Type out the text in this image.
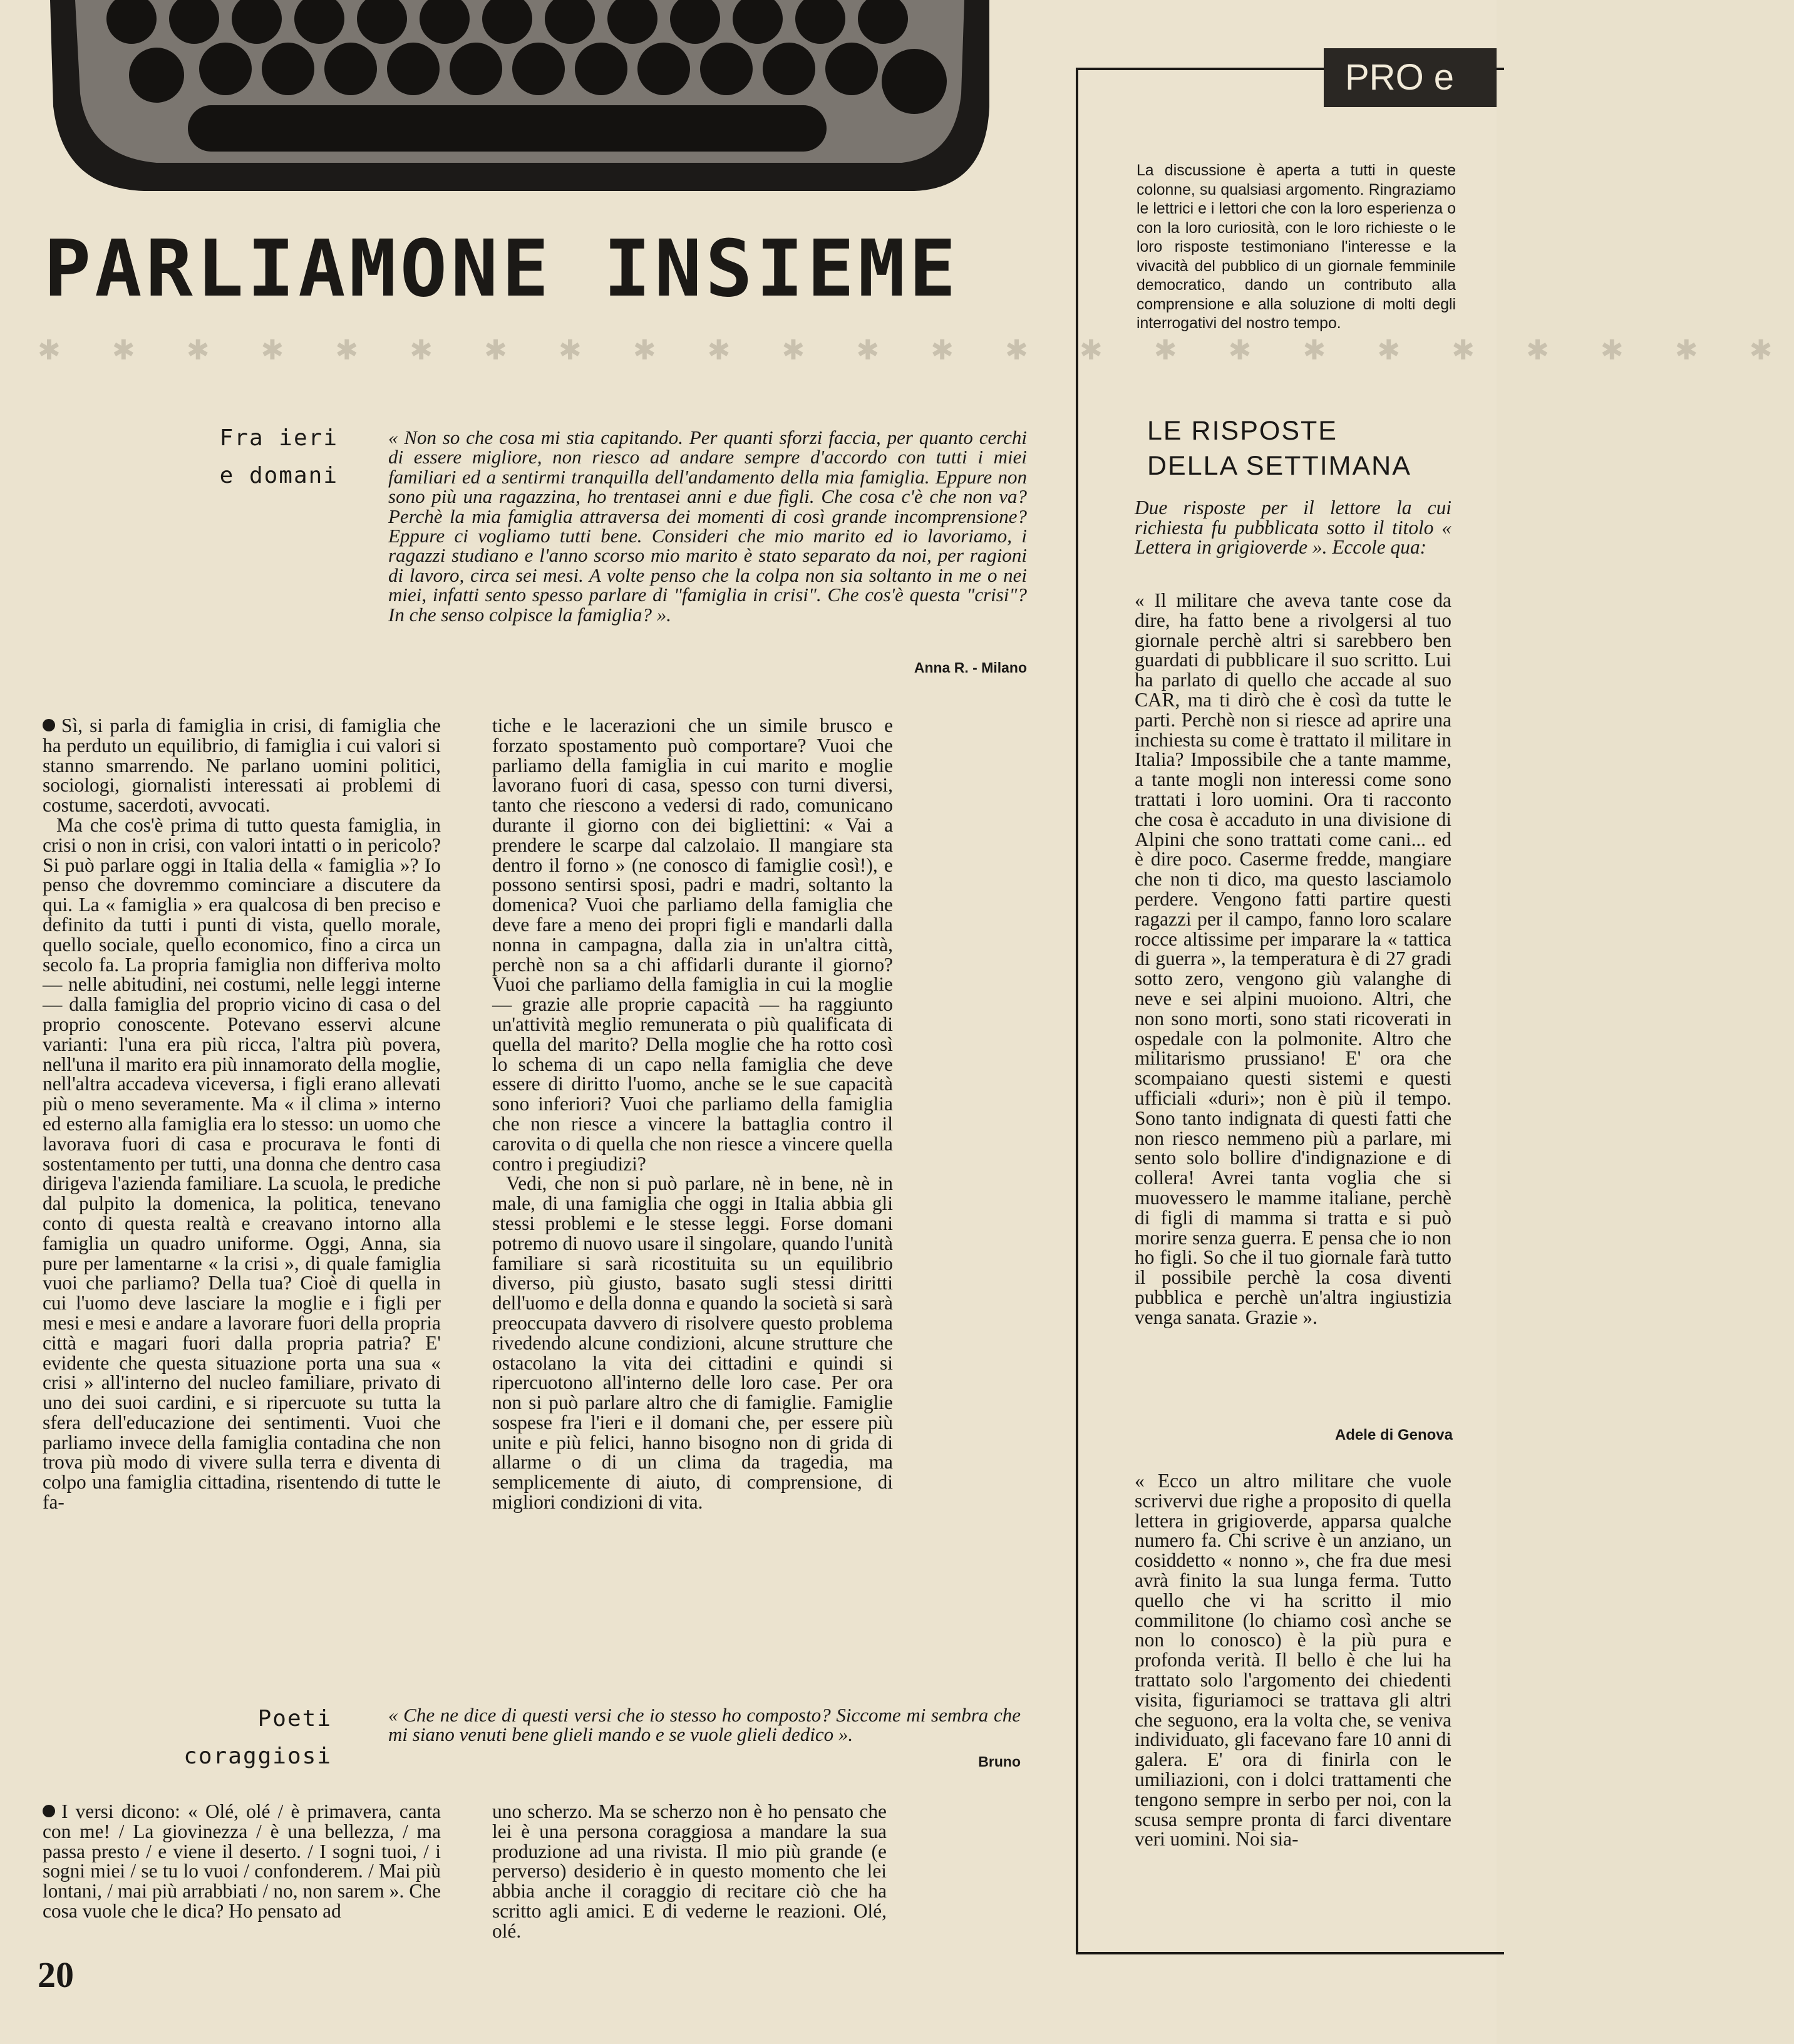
PARLIAMONE INSIEME
✱ ✱ ✱ ✱ ✱ ✱ ✱ ✱ ✱ ✱ ✱ ✱ ✱ ✱ ✱ ✱ ✱ ✱ ✱ ✱ ✱ ✱ ✱ ✱
Fra ieri
e domani
« Non so che cosa mi stia capitando. Per quanti sforzi faccia, per quanto cerchi di essere migliore, non riesco ad andare sempre d'accordo con tutti i miei familiari ed a sentirmi tranquilla dell'andamento della mia famiglia. Eppure non sono più una ragazzina, ho trentasei anni e due figli. Che cosa c'è che non va? Perchè la mia famiglia attraversa dei momenti di così grande incomprensione? Eppure ci vogliamo tutti bene. Consideri che mio marito ed io lavoriamo, i ragazzi studiano e l'anno scorso mio marito è stato separato da noi, per ragioni di lavoro, circa sei mesi. A volte penso che la colpa non sia soltanto in me o nei miei, infatti sento spesso parlare di "famiglia in crisi". Che cos'è questa "crisi"? In che senso colpisce la famiglia? ».
Anna R. - Milano

Sì, si parla di famiglia in crisi, di famiglia che ha perduto un equilibrio, di famiglia i cui valori si stanno smarrendo. Ne parlano uomini politici, sociologi, giornalisti interessati ai problemi di costume, sacerdoti, avvocati.

Ma che cos'è prima di tutto questa famiglia, in crisi o non in crisi, con valori intatti o in pericolo? Si può parlare oggi in Italia della « famiglia »? Io penso che dovremmo cominciare a discutere da qui. La « famiglia » era qualcosa di ben preciso e definito da tutti i punti di vista, quello morale, quello sociale, quello economico, fino a circa un secolo fa. La propria famiglia non differiva molto — nelle abitudini, nei costumi, nelle leggi interne — dalla famiglia del proprio vicino di casa o del proprio conoscente. Potevano esservi alcune varianti: l'una era più ricca, l'altra più povera, nell'una il marito era più innamorato della moglie, nell'altra accadeva viceversa, i figli erano allevati più o meno severamente. Ma « il clima » interno ed esterno alla famiglia era lo stesso: un uomo che lavorava fuori di casa e procurava le fonti di sostentamento per tutti, una donna che dentro casa dirigeva l'azienda familiare. La scuola, le prediche dal pulpito la domenica, la politica, tenevano conto di questa realtà e creavano intorno alla famiglia un quadro uniforme. Oggi, Anna, sia pure per lamentarne « la crisi », di quale famiglia vuoi che parliamo? Della tua? Cioè di quella in cui l'uomo deve lasciare la moglie e i figli per mesi e mesi e andare a lavorare fuori della propria città e magari fuori dalla propria patria? E' evidente che questa situazione porta una sua « crisi » all'interno del nucleo familiare, privato di uno dei suoi cardini, e si ripercuote su tutta la sfera dell'educazione dei sentimenti. Vuoi che parliamo invece della famiglia contadina che non trova più modo di vivere sulla terra e diventa di colpo una famiglia cittadina, risentendo di tutte le fa-

tiche e le lacerazioni che un simile brusco e forzato spostamento può comportare? Vuoi che parliamo della famiglia in cui marito e moglie lavorano fuori di casa, spesso con turni diversi, tanto che riescono a vedersi di rado, comunicano durante il giorno con dei bigliettini: « Vai a prendere le scarpe dal calzolaio. Il mangiare sta dentro il forno » (ne conosco di famiglie così!), e possono sentirsi sposi, padri e madri, soltanto la domenica? Vuoi che parliamo della famiglia che deve fare a meno dei propri figli e mandarli dalla nonna in campagna, dalla zia in un'altra città, perchè non sa a chi affidarli durante il giorno? Vuoi che parliamo della famiglia in cui la moglie — grazie alle proprie capacità — ha raggiunto un'attività meglio remunerata o più qualificata di quella del marito? Della moglie che ha rotto così lo schema di un capo nella famiglia che deve essere di diritto l'uomo, anche se le sue capacità sono inferiori? Vuoi che parliamo della famiglia che non riesce a vincere la battaglia contro il carovita o di quella che non riesce a vincere quella contro i pregiudizi?

Vedi, che non si può parlare, nè in bene, nè in male, di una famiglia che oggi in Italia abbia gli stessi problemi e le stesse leggi. Forse domani potremo di nuovo usare il singolare, quando l'unità familiare si sarà ricostituita su un equilibrio diverso, più giusto, basato sugli stessi diritti dell'uomo e della donna e quando la società si sarà preoccupata davvero di risolvere questo problema rivedendo alcune condizioni, alcune strutture che ostacolano la vita dei cittadini e quindi si ripercuotono all'interno delle loro case. Per ora non si può parlare altro che di famiglie. Famiglie sospese fra l'ieri e il domani che, per essere più unite e più felici, hanno bisogno non di grida di allarme o di un clima da tragedia, ma semplicemente di aiuto, di comprensione, di migliori condizioni di vita.

Poeti
coraggiosi
« Che ne dice di questi versi che io stesso ho composto? Siccome mi sembra che mi siano venuti bene glieli mando e se vuole glieli dedico ».
Bruno

I versi dicono: « Olé, olé / è primavera, canta con me! / La giovinezza / è una bellezza, / ma passa presto / e viene il deserto. / I sogni tuoi, / i sogni miei / se tu lo vuoi / confonderem. / Mai più lontani, / mai più arrabbiati / no, non sarem ». Che cosa vuole che le dica? Ho pensato ad

uno scherzo. Ma se scherzo non è ho pensato che lei è una persona coraggiosa a mandare la sua produzione ad una rivista. Il mio più grande (e perverso) desiderio è in questo momento che lei abbia anche il coraggio di recitare ciò che ha scritto agli amici. E di vederne le reazioni. Olé, olé.

20
PRO e
La discussione è aperta a tutti in queste colonne, su qualsiasi argomento. Ringraziamo le lettrici e i lettori che con la loro esperienza o con la loro curiosità, con le loro richieste o le loro risposte testimoniano l'interesse e la vivacità del pubblico di un giornale femminile democratico, dando un contributo alla comprensione e alla soluzione di molti degli interrogativi del nostro tempo.
LE RISPOSTE
DELLA SETTIMANA
Due risposte per il lettore la cui richiesta fu pubblicata sotto il titolo « Lettera in grigioverde ». Eccole qua:
« Il militare che aveva tante cose da dire, ha fatto bene a rivolgersi al tuo giornale perchè altri si sarebbero ben guardati di pubblicare il suo scritto. Lui ha parlato di quello che accade al suo CAR, ma ti dirò che è così da tutte le parti. Perchè non si riesce ad aprire una inchiesta su come è trattato il militare in Italia? Impossibile che a tante mamme, a tante mogli non interessi come sono trattati i loro uomini. Ora ti racconto che cosa è accaduto in una divisione di Alpini che sono trattati come cani... ed è dire poco. Caserme fredde, mangiare che non ti dico, ma questo lasciamolo perdere. Vengono fatti partire questi ragazzi per il campo, fanno loro scalare rocce altissime per imparare la « tattica di guerra », la temperatura è di 27 gradi sotto zero, vengono giù valanghe di neve e sei alpini muoiono. Altri, che non sono morti, sono stati ricoverati in ospedale con la polmonite. Altro che militarismo prussiano! E' ora che scompaiano questi sistemi e questi ufficiali «duri»; non è più il tempo. Sono tanto indignata di questi fatti che non riesco nemmeno più a parlare, mi sento solo bollire d'indignazione e di collera! Avrei tanta voglia che si muovessero le mamme italiane, perchè di figli di mamma si tratta e si può morire senza guerra. E pensa che io non ho figli. So che il tuo giornale farà tutto il possibile perchè la cosa diventi pubblica e perchè un'altra ingiustizia venga sanata. Grazie ».
Adele di Genova
« Ecco un altro militare che vuole scrivervi due righe a proposito di quella lettera in grigioverde, apparsa qualche numero fa. Chi scrive è un anziano, un cosiddetto « nonno », che fra due mesi avrà finito la sua lunga ferma. Tutto quello che vi ha scritto il mio commilitone (lo chiamo così anche se non lo conosco) è la più pura e profonda verità. Il bello è che lui ha trattato solo l'argomento dei chiedenti visita, figuriamoci se trattava gli altri che seguono, era la volta che, se veniva individuato, gli facevano fare 10 anni di galera. E' ora di finirla con le umiliazioni, con i dolci trattamenti che tengono sempre in serbo per noi, con la scusa sempre pronta di farci diventare veri uomini. Noi sia-
